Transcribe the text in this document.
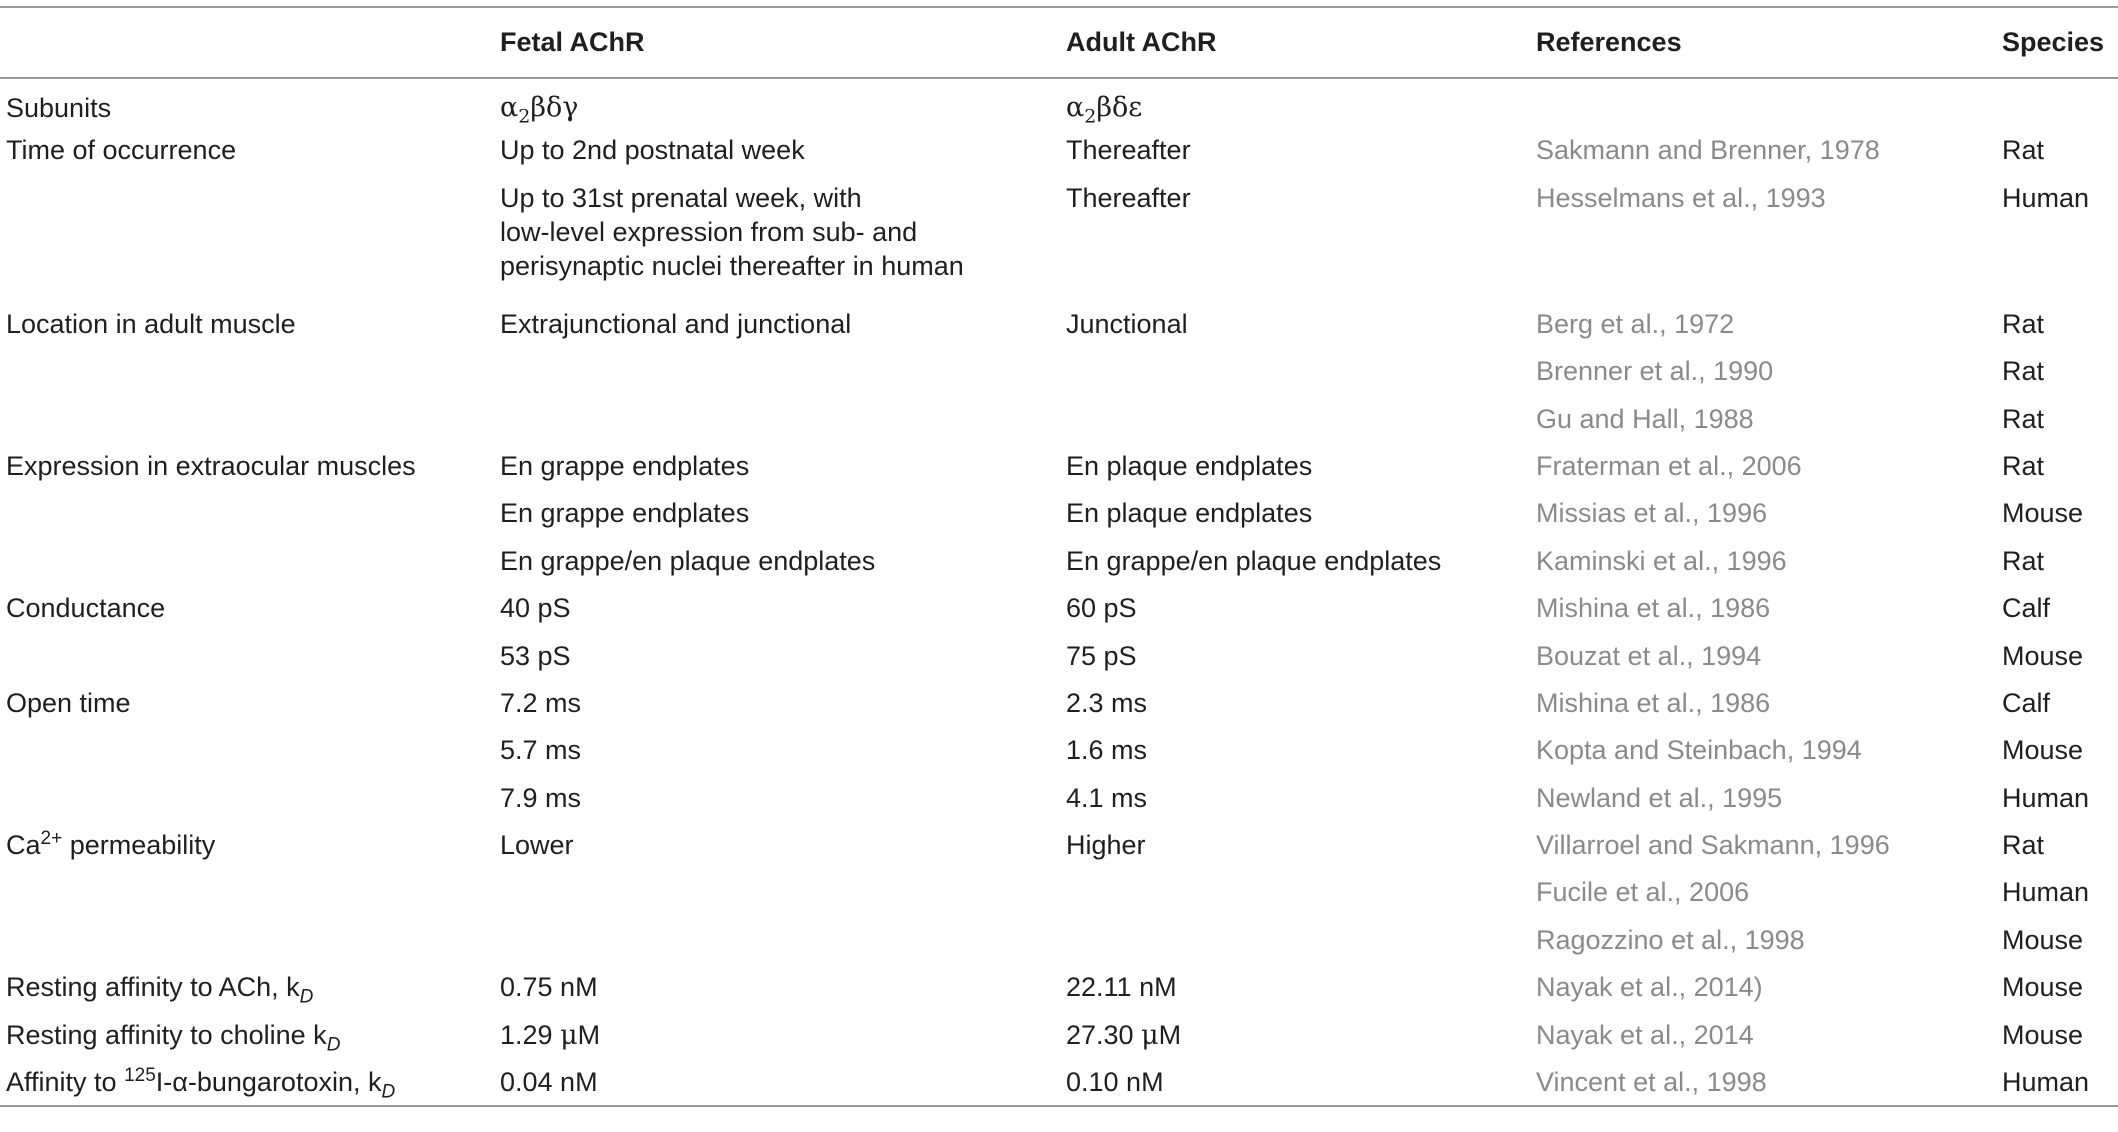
	Fetal AChR	Adult AChR	References	Species
Subunits	$\alpha_2\beta\delta\gamma$	$\alpha_2\beta\delta\varepsilon$		
Time of occurrence	Up to 2nd postnatal week	Thereafter	Sakmann and Brenner, 1978	Rat
	Up to 31st prenatal week, with
low-level expression from sub- and
perisynaptic nuclei thereafter in human	Thereafter	Hesselmans et al., 1993	Human
Location in adult muscle	Extrajunctional and junctional	Junctional	Berg et al., 1972	Rat
			Brenner et al., 1990	Rat
			Gu and Hall, 1988	Rat
Expression in extraocular muscles	En grappe endplates	En plaque endplates	Fraterman et al., 2006	Rat
	En grappe endplates	En plaque endplates	Missias et al., 1996	Mouse
	En grappe/en plaque endplates	En grappe/en plaque endplates	Kaminski et al., 1996	Rat
Conductance	40 pS	60 pS	Mishina et al., 1986	Calf
	53 pS	75 pS	Bouzat et al., 1994	Mouse
Open time	7.2 ms	2.3 ms	Mishina et al., 1986	Calf
	5.7 ms	1.6 ms	Kopta and Steinbach, 1994	Mouse
	7.9 ms	4.1 ms	Newland et al., 1995	Human
$Ca^{2+}$ permeability	Lower	Higher	Villarroel and Sakmann, 1996	Rat
			Fucile et al., 2006	Human
			Ragozzino et al., 1998	Mouse
Resting affinity to ACh, $k_D$	0.75 nM	22.11 nM	Nayak et al., 2014)	Mouse
Resting affinity to choline $k_D$	1.29 μM	27.30 μM	Nayak et al., 2014	Mouse
Affinity to $^{125}$I-α-bungarotoxin, $k_D$	0.04 nM	0.10 nM	Vincent et al., 1998	Human
